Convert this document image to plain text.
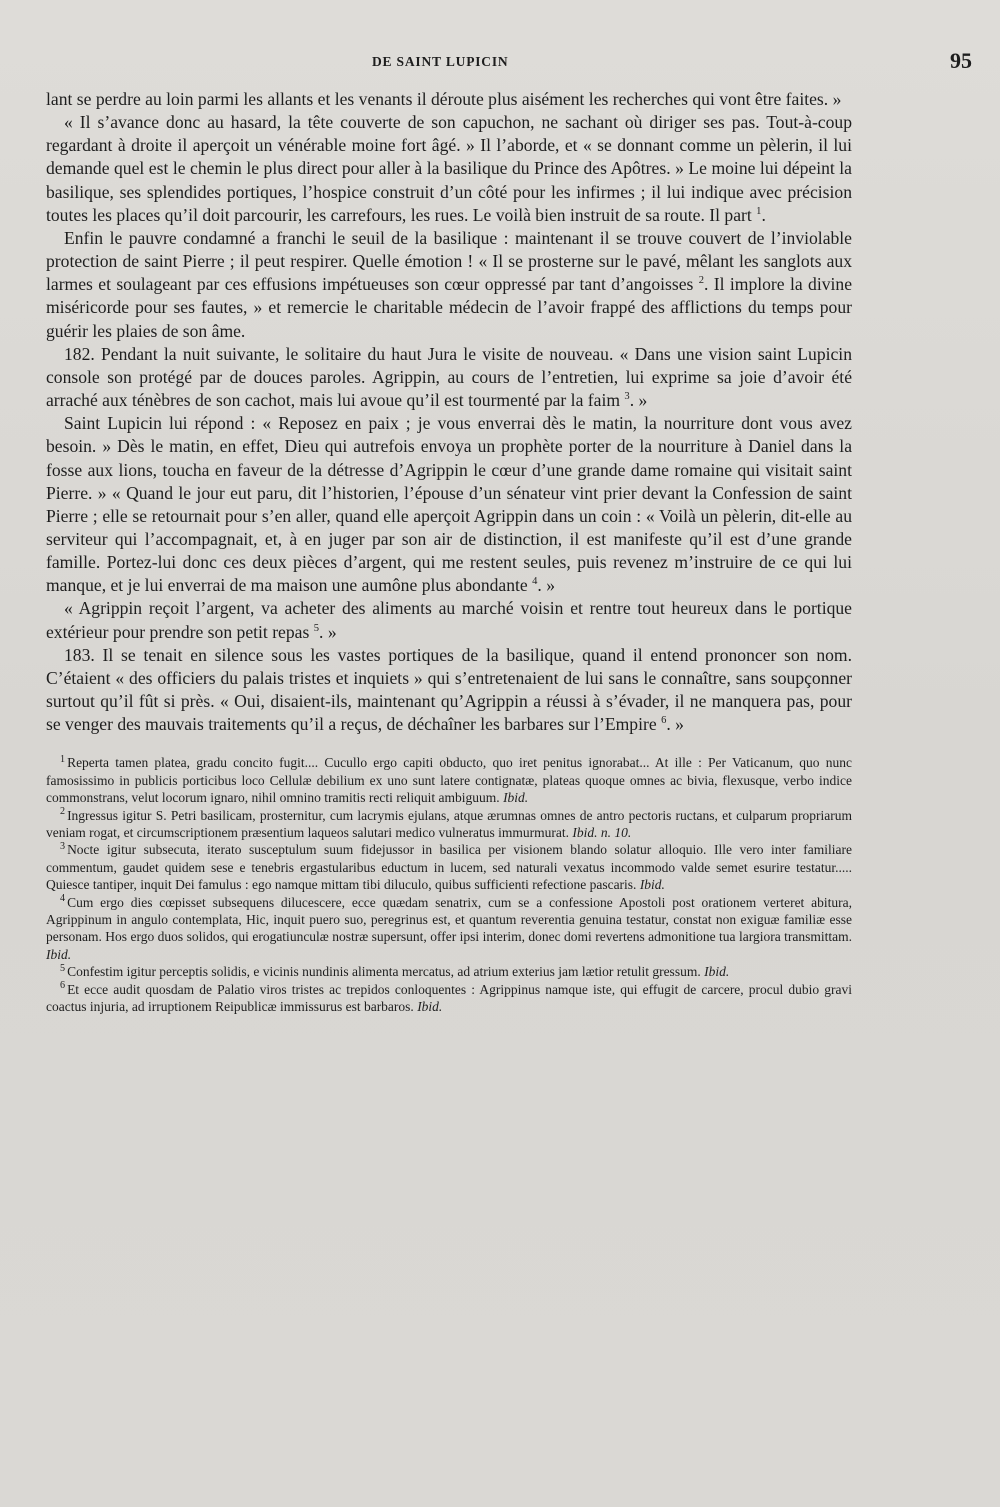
DE SAINT LUPICIN	95

lant se perdre au loin parmi les allants et les venants il déroute plus aisément les recherches qui vont être faites. »

« Il s’avance donc au hasard, la tête couverte de son capuchon, ne sachant où diriger ses pas. Tout-à-coup regardant à droite il aperçoit un vénérable moine fort âgé. » Il l’aborde, et « se donnant comme un pèlerin, il lui demande quel est le chemin le plus direct pour aller à la basilique du Prince des Apôtres. » Le moine lui dépeint la basilique, ses splendides portiques, l’hospice construit d’un côté pour les infirmes ; il lui indique avec précision toutes les places qu’il doit parcourir, les carrefours, les rues. Le voilà bien instruit de sa route. Il part $^1$.

Enfin le pauvre condamné a franchi le seuil de la basilique : maintenant il se trouve couvert de l’inviolable protection de saint Pierre ; il peut respirer. Quelle émotion ! « Il se prosterne sur le pavé, mêlant les sanglots aux larmes et soulageant par ces effusions impétueuses son cœur oppressé par tant d’angoisses $^2$. Il implore la divine miséricorde pour ses fautes, » et remercie le charitable médecin de l’avoir frappé des afflictions du temps pour guérir les plaies de son âme.

182. Pendant la nuit suivante, le solitaire du haut Jura le visite de nouveau. « Dans une vision saint Lupicin console son protégé par de douces paroles. Agrippin, au cours de l’entretien, lui exprime sa joie d’avoir été arraché aux ténèbres de son cachot, mais lui avoue qu’il est tourmenté par la faim $^3$. »

Saint Lupicin lui répond : « Reposez en paix ; je vous enverrai dès le matin, la nourriture dont vous avez besoin. » Dès le matin, en effet, Dieu qui autrefois envoya un prophète porter de la nourriture à Daniel dans la fosse aux lions, toucha en faveur de la détresse d’Agrippin le cœur d’une grande dame romaine qui visitait saint Pierre. » « Quand le jour eut paru, dit l’historien, l’épouse d’un sénateur vint prier devant la Confession de saint Pierre ; elle se retournait pour s’en aller, quand elle aperçoit Agrippin dans un coin : « Voilà un pèlerin, dit-elle au serviteur qui l’accompagnait, et, à en juger par son air de distinction, il est manifeste qu’il est d’une grande famille. Portez-lui donc ces deux pièces d’argent, qui me restent seules, puis revenez m’instruire de ce qui lui manque, et je lui enverrai de ma maison une aumône plus abondante $^4$. »

« Agrippin reçoit l’argent, va acheter des aliments au marché voisin et rentre tout heureux dans le portique extérieur pour prendre son petit repas $^5$. »

183. Il se tenait en silence sous les vastes portiques de la basilique, quand il entend prononcer son nom. C’étaient « des officiers du palais tristes et inquiets » qui s’entretenaient de lui sans le connaître, sans soupçonner surtout qu’il fût si près. « Oui, disaient-ils, maintenant qu’Agrippin a réussi à s’évader, il ne manquera pas, pour se venger des mauvais traitements qu’il a reçus, de déchaîner les barbares sur l’Empire $^6$. »

$^1$ Reperta tamen platea, gradu concito fugit.... Cucullo ergo capiti obducto, quo iret penitus ignorabat... At ille : Per Vaticanum, quo nunc famosissimo in publicis porticibus loco Cellulæ debilium ex uno sunt latere contignatæ, plateas quoque omnes ac bivia, flexusque, verbo indice commonstrans, velut locorum ignaro, nihil omnino tramitis recti reliquit ambiguum. Ibid.

$^2$ Ingressus igitur S. Petri basilicam, prosternitur, cum lacrymis ejulans, atque ærumnas omnes de antro pectoris ructans, et culparum propriarum veniam rogat, et circumscriptionem præsentium laqueos salutari medico vulneratus immurmurat. Ibid. n. 10.

$^3$ Nocte igitur subsecuta, iterato susceptulum suum fidejussor in basilica per visionem blando solatur alloquio. Ille vero inter familiare commentum, gaudet quidem sese e tenebris ergastularibus eductum in lucem, sed naturali vexatus incommodo valde semet esurire testatur..... Quiesce tantiper, inquit Dei famulus : ego namque mittam tibi diluculo, quibus sufficienti refectione pascaris. Ibid.

$^4$ Cum ergo dies cœpisset subsequens dilucescere, ecce quædam senatrix, cum se a confessione Apostoli post orationem verteret abitura, Agrippinum in angulo contemplata, Hic, inquit puero suo, peregrinus est, et quantum reverentia genuina testatur, constat non exiguæ familiæ esse personam. Hos ergo duos solidos, qui erogatiunculæ nostræ supersunt, offer ipsi interim, donec domi revertens admonitione tua largiora transmittam. Ibid.

$^5$ Confestim igitur perceptis solidis, e vicinis nundinis alimenta mercatus, ad atrium exterius jam lætior retulit gressum. Ibid.

$^6$ Et ecce audit quosdam de Palatio viros tristes ac trepidos conloquentes : Agrippinus namque iste, qui effugit de carcere, procul dubio gravi coactus injuria, ad irruptionem Reipublicæ immissurus est barbaros. Ibid.
